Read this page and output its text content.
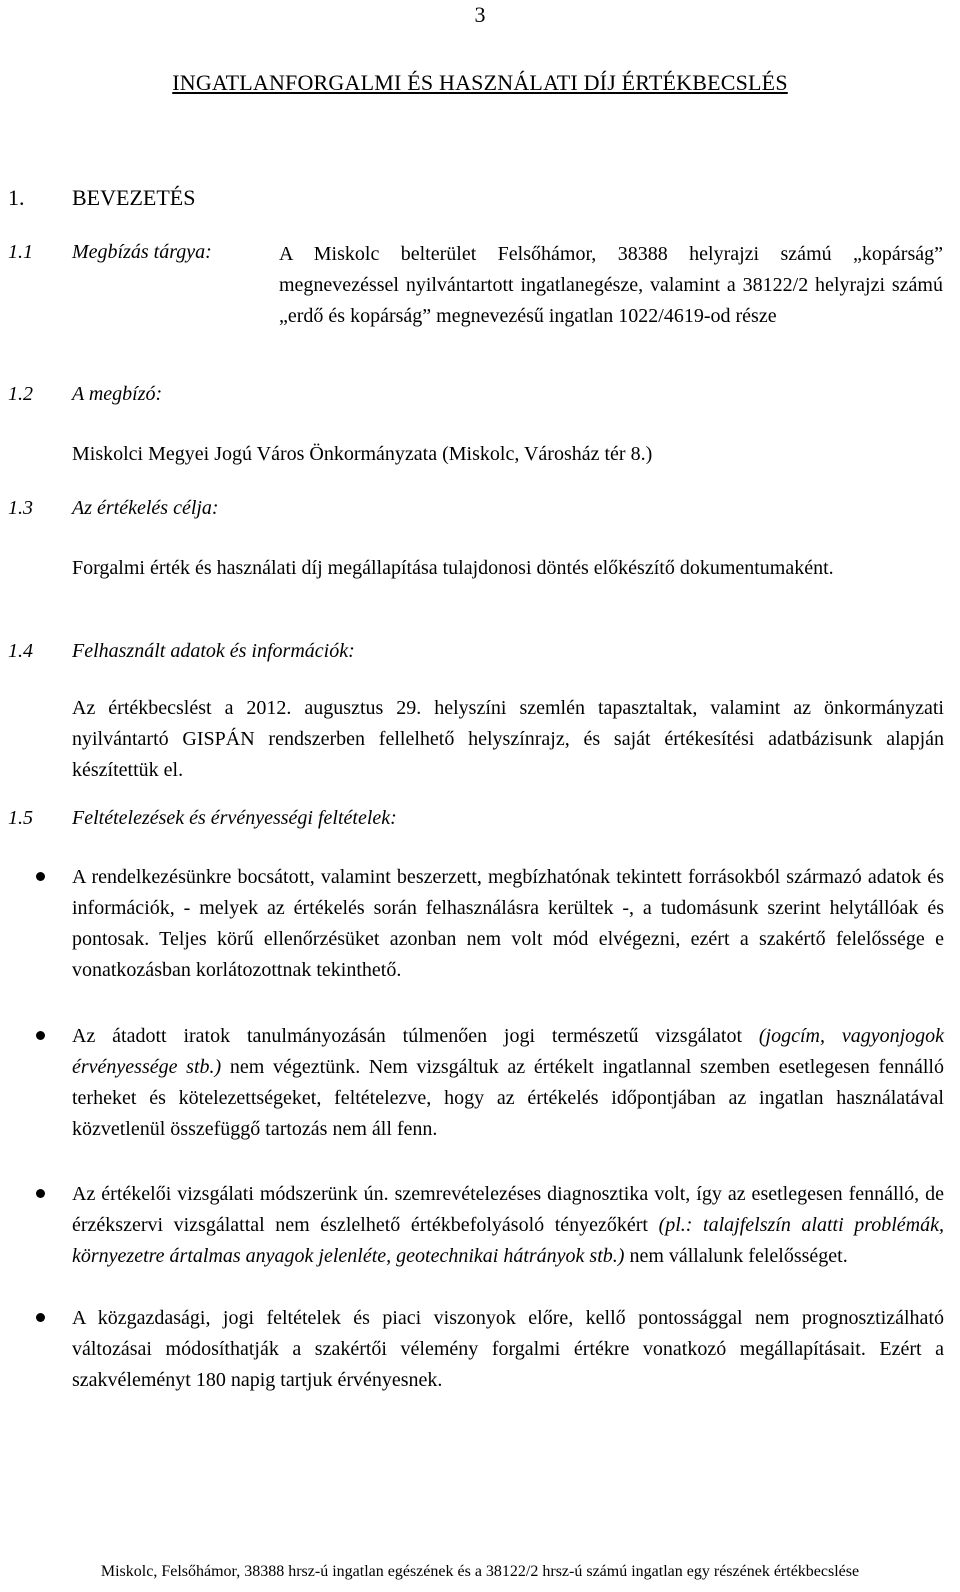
3
INGATLANFORGALMI ÉS HASZNÁLATI DÍJ ÉRTÉKBECSLÉS
1. BEVEZETÉS
1.1 Megbízás tárgya:	A Miskolc belterület Felsőhámor, 38388 helyrajzi számú „kopárság” megnevezéssel nyilvántartott ingatlanegésze, valamint a 38122/2 helyrajzi számú „erdő és kopárság” megnevezésű ingatlan 1022/4619-od része
1.2 A megbízó:
Miskolci Megyei Jogú Város Önkormányzata (Miskolc, Városház tér 8.)
1.3 Az értékelés célja:
Forgalmi érték és használati díj megállapítása tulajdonosi döntés előkészítő dokumentumaként.
1.4 Felhasznált adatok és információk:
Az értékbecslést a 2012. augusztus 29. helyszíni szemlén tapasztaltak, valamint az önkormányzati nyilvántartó GISPÁN rendszerben fellelhető helyszínrajz, és saját értékesítési adatbázisunk alapján készítettük el.
1.5 Feltételezések és érvényességi feltételek:
A rendelkezésünkre bocsátott, valamint beszerzett, megbízhatónak tekintett forrásokból származó adatok és információk, - melyek az értékelés során felhasználásra kerültek -, a tudomásunk szerint helytállóak és pontosak. Teljes körű ellenőrzésüket azonban nem volt mód elvégezni, ezért a szakértő felelőssége e vonatkozásban korlátozottnak tekinthető.
Az átadott iratok tanulmányozásán túlmenően jogi természetű vizsgálatot (jogcím, vagyonjogok érvényessége stb.) nem végeztünk. Nem vizsgáltuk az értékelt ingatlannal szemben esetlegesen fennálló terheket és kötelezettségeket, feltételezve, hogy az értékelés időpontjában az ingatlan használatával közvetlenül összefüggő tartozás nem áll fenn.
Az értékelői vizsgálati módszerünk ún. szemrevételezéses diagnosztika volt, így az esetlegesen fennálló, de érzékszervi vizsgálattal nem észlelhető értékbefolyásoló tényezőkért (pl.: talajfelszín alatti problémák, környezetre ártalmas anyagok jelenléte, geotechnikai hátrányok stb.) nem vállalunk felelősséget.
A közgazdasági, jogi feltételek és piaci viszonyok előre, kellő pontossággal nem prognosztizálható változásai módosíthatják a szakértői vélemény forgalmi értékre vonatkozó megállapításait. Ezért a szakvéleményt 180 napig tartjuk érvényesnek.
Miskolc, Felsőhámor, 38388 hrsz-ú ingatlan egészének és a 38122/2 hrsz-ú számú ingatlan egy részének értékbecslése
